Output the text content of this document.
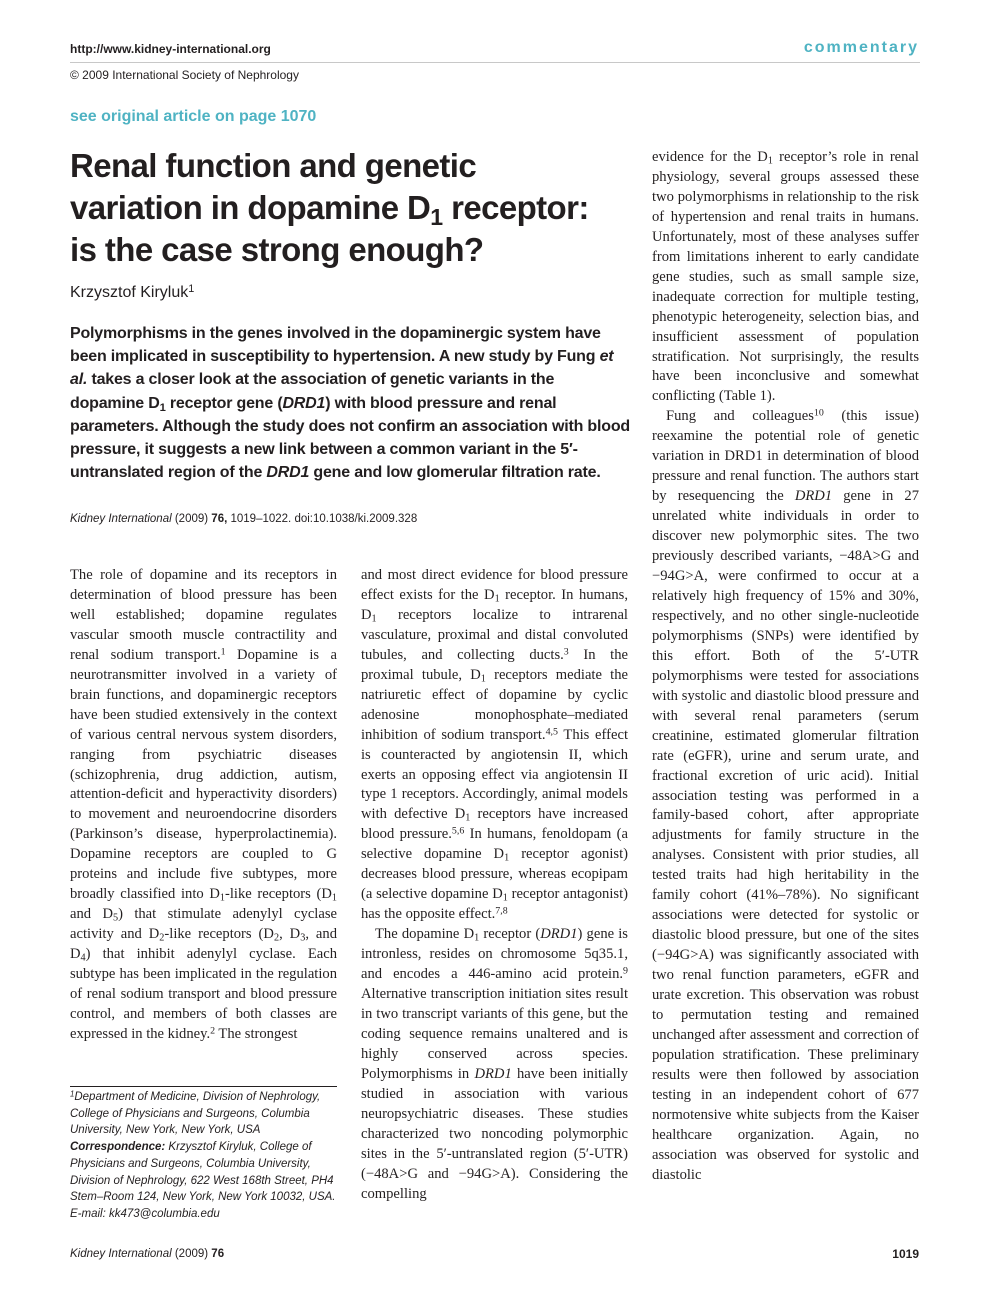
http://www.kidney-international.org	commentary
© 2009 International Society of Nephrology
see original article on page 1070
Renal function and genetic
variation in dopamine $D_1$ receptor:
is the case strong enough?
Krzysztof Kiryluk$^1$
Polymorphisms in the genes involved in the dopaminergic system have been implicated in susceptibility to hypertension. A new study by Fung et al. takes a closer look at the association of genetic variants in the dopamine $D_1$ receptor gene (DRD1) with blood pressure and renal parameters. Although the study does not confirm an association with blood pressure, it suggests a new link between a common variant in the 5′-untranslated region of the DRD1 gene and low glomerular filtration rate.
Kidney International (2009) 76, 1019–1022. doi:10.1038/ki.2009.328

The role of dopamine and its receptors in determination of blood pressure has been well established; dopamine regulates vascular smooth muscle contractility and renal sodium transport.$^1$ Dopamine is a neurotransmitter involved in a variety of brain functions, and dopaminergic receptors have been studied extensively in the context of various central nervous system disorders, ranging from psychiatric diseases (schizophrenia, drug addiction, autism, attention-deficit and hyperactivity disorders) to movement and neuroendocrine disorders (Parkinson’s disease, hyperprolactinemia). Dopamine receptors are coupled to G proteins and include five subtypes, more broadly classified into $D_1$-like receptors ($D_1$ and $D_5$) that stimulate adenylyl cyclase activity and $D_2$-like receptors ($D_2$, $D_3$, and $D_4$) that inhibit adenylyl cyclase. Each subtype has been implicated in the regulation of renal sodium transport and blood pressure control, and members of both classes are expressed in the kidney.$^2$ The strongest

$^1$Department of Medicine, Division of Nephrology, College of Physicians and Surgeons, Columbia University, New York, New York, USA
Correspondence: Krzysztof Kiryluk, College of Physicians and Surgeons, Columbia University, Division of Nephrology, 622 West 168th Street, PH4 Stem–Room 124, New York, New York 10032, USA. E-mail: kk473@columbia.edu

and most direct evidence for blood pressure effect exists for the $D_1$ receptor. In humans, $D_1$ receptors localize to intrarenal vasculature, proximal and distal convoluted tubules, and collecting ducts.$^3$ In the proximal tubule, $D_1$ receptors mediate the natriuretic effect of dopamine by cyclic adenosine monophosphate–mediated inhibition of sodium transport.$^{4,5}$ This effect is counteracted by angiotensin II, which exerts an opposing effect via angiotensin II type 1 receptors. Accordingly, animal models with defective $D_1$ receptors have increased blood pressure.$^{5,6}$ In humans, fenoldopam (a selective dopamine $D_1$ receptor agonist) decreases blood pressure, whereas ecopipam (a selective dopamine $D_1$ receptor antagonist) has the opposite effect.$^{7,8}$

The dopamine $D_1$ receptor (DRD1) gene is intronless, resides on chromosome 5q35.1, and encodes a 446-amino acid protein.$^9$ Alternative transcription initiation sites result in two transcript variants of this gene, but the coding sequence remains unaltered and is highly conserved across species. Polymorphisms in DRD1 have been initially studied in association with various neuropsychiatric diseases. These studies characterized two noncoding polymorphic sites in the 5′-untranslated region (5′-UTR) (−48A>G and −94G>A). Considering the compelling

evidence for the $D_1$ receptor’s role in renal physiology, several groups assessed these two polymorphisms in relationship to the risk of hypertension and renal traits in humans. Unfortunately, most of these analyses suffer from limitations inherent to early candidate gene studies, such as small sample size, inadequate correction for multiple testing, phenotypic heterogeneity, selection bias, and insufficient assessment of population stratification. Not surprisingly, the results have been inconclusive and somewhat conflicting (Table 1).

Fung and colleagues$^{10}$ (this issue) reexamine the potential role of genetic variation in DRD1 in determination of blood pressure and renal function. The authors start by resequencing the DRD1 gene in 27 unrelated white individuals in order to discover new polymorphic sites. The two previously described variants, −48A>G and −94G>A, were confirmed to occur at a relatively high frequency of 15% and 30%, respectively, and no other single-nucleotide polymorphisms (SNPs) were identified by this effort. Both of the 5′-UTR polymorphisms were tested for associations with systolic and diastolic blood pressure and with several renal parameters (serum creatinine, estimated glomerular filtration rate (eGFR), urine and serum urate, and fractional excretion of uric acid). Initial association testing was performed in a family-based cohort, after appropriate adjustments for family structure in the analyses. Consistent with prior studies, all tested traits had high heritability in the family cohort (41%–78%). No significant associations were detected for systolic or diastolic blood pressure, but one of the sites (−94G>A) was significantly associated with two renal function parameters, eGFR and urate excretion. This observation was robust to permutation testing and remained unchanged after assessment and correction of population stratification. These preliminary results were then followed by association testing in an independent cohort of 677 normotensive white subjects from the Kaiser healthcare organization. Again, no association was observed for systolic and diastolic

Kidney International (2009) 76	1019
